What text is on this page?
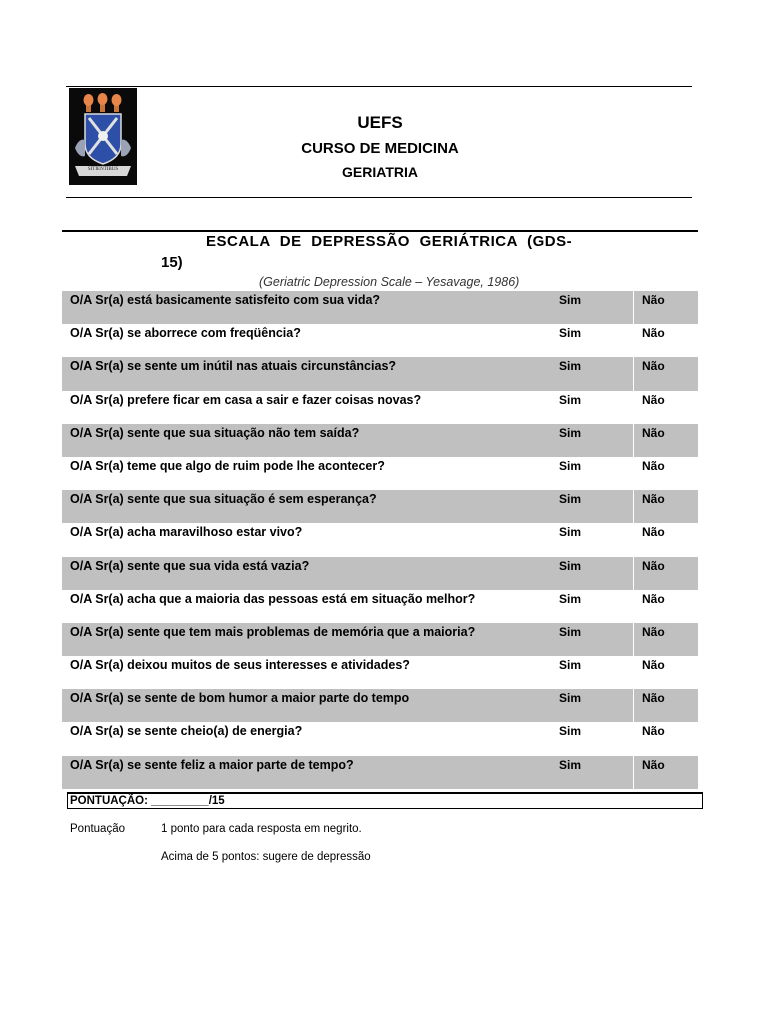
SITIENTIBUS
UEFS
CURSO DE MEDICINA
GERIATRIA
ESCALA DE DEPRESSÃO GERIÁTRICA (GDS-
15)
(Geriatric Depression Scale – Yesavage, 1986)
O/A Sr(a) está basicamente satisfeito com sua vida?	Sim	Não
O/A Sr(a) se aborrece com freqüência?	Sim	Não
O/A Sr(a) se sente um inútil nas atuais circunstâncias?	Sim	Não
O/A Sr(a) prefere ficar em casa a sair e fazer coisas novas?	Sim	Não
O/A Sr(a) sente que sua situação não tem saída?	Sim	Não
O/A Sr(a) teme que algo de ruim pode lhe acontecer?	Sim	Não
O/A Sr(a) sente que sua situação é sem esperança?	Sim	Não
O/A Sr(a) acha maravilhoso estar vivo?	Sim	Não
O/A Sr(a) sente que sua vida está vazia?	Sim	Não
O/A Sr(a) acha que a maioria das pessoas está em situação melhor?	Sim	Não
O/A Sr(a) sente que tem mais problemas de memória que a maioria?	Sim	Não
O/A Sr(a) deixou muitos de seus interesses e atividades?	Sim	Não
O/A Sr(a) se sente de bom humor a maior parte do tempo	Sim	Não
O/A Sr(a) se sente cheio(a) de energia?	Sim	Não
O/A Sr(a) se sente feliz a maior parte de tempo?	Sim	Não
PONTUAÇÃO: _________/15
Pontuação	1 ponto para cada resposta em negrito.
Acima de 5 pontos: sugere de depressão
